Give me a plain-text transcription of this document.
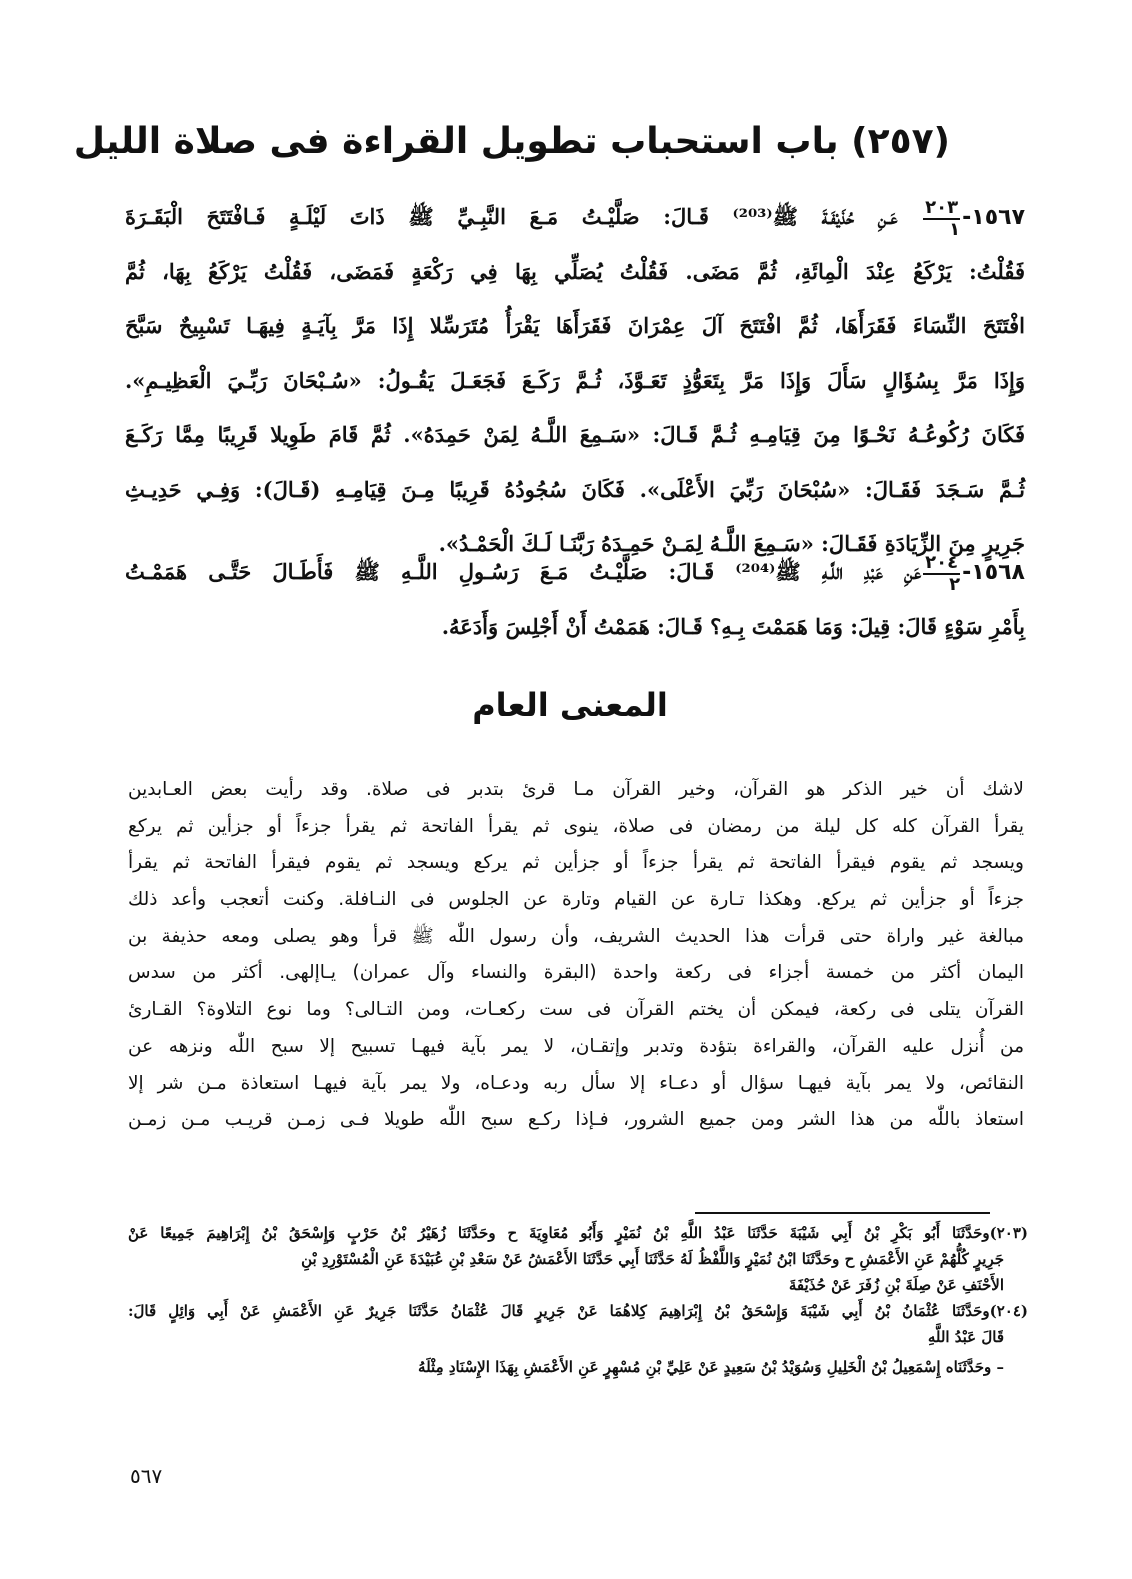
(٢٥٧) باب استحباب تطويل القراءة فى صلاة الليل
١٥٦٧-
$\frac{٢٠٣}{١}$
عَـنِ حُذَيْفَـةَ ﷺ⁽²⁰³⁾ قَـالَ: صَلَّيْـتُ مَـعَ النَّبِـيِّ ﷺ ذَاتَ لَيْلَـةٍ فَـافْتَتَحَ الْبَقَـرَةَ
فَقُلْتُ: يَرْكَعُ عِنْدَ الْمِائَةِ، ثُمَّ مَضَى. فَقُلْتُ يُصَلِّي بِهَا فِي رَكْعَةٍ فَمَضَى، فَقُلْتُ يَرْكَعُ بِهَا، ثُمَّ
افْتَتَحَ النِّسَاءَ فَقَرَأَهَا، ثُمَّ افْتَتَحَ آلَ عِمْرَانَ فَقَرَأَهَا يَقْرَأُ مُتَرَسِّلا إِذَا مَرَّ بِآيَـةٍ فِيهَـا تَسْبِيحٌ سَبَّحَ
وَإِذَا مَرَّ بِسُؤَالٍ سَأَلَ وَإِذَا مَرَّ بِتَعَوُّذٍ تَعَـوَّذَ، ثُـمَّ رَكَـعَ فَجَعَـلَ يَقُـولُ: «سُـبْحَانَ رَبِّـيَ الْعَظِيـمِ».
فَكَانَ رُكُوعُـهُ نَحْـوًا مِنَ قِيَامِـهِ ثُـمَّ قَـالَ: «سَـمِعَ اللَّـهُ لِمَنْ حَمِدَهُ». ثُمَّ قَامَ طَوِيلا قَرِيبًا مِمَّا رَكَـعَ
ثُـمَّ سَـجَدَ فَقَـالَ: «سُبْحَانَ رَبِّيَ الأَعْلَى». فَكَانَ سُجُودُهُ قَرِيبًا مِـنَ قِيَامِـهِ (قَـالَ): وَفِـي حَدِيـثِ
جَرِيرٍ مِنَ الزِّيَادَةِ فَقَـالَ: «سَـمِعَ اللَّـهُ لِمَـنْ حَمِـدَهُ رَبَّنَـا لَـكَ الْحَمْـدُ».
١٥٦٨-
$\frac{٢٠٤}{٢}$
عَنِ عَبْدِ اللَّـهِ ﷺ⁽²⁰⁴⁾ قَـالَ: صَلَّيْـتُ مَـعَ رَسُـولِ اللَّـهِ ﷺ فَأَطَـالَ حَتَّـى هَمَمْـتُ
بِأَمْرِ سَوْءٍ قَالَ: قِيلَ: وَمَا هَمَمْتَ بِـهِ؟ قَـالَ: هَمَمْتُ أَنْ أَجْلِسَ وَأَدَعَهُ.
المعنى العام
لاشك أن خير الذكر هو القرآن، وخير القرآن مـا قرئ بتدبر فى صلاة. وقد رأيت بعض العـابدين
يقرأ القرآن كله كل ليلة من رمضان فى صلاة، ينوى ثم يقرأ الفاتحة ثم يقرأ جزءاً أو جزأين ثم يركع
ويسجد ثم يقوم فيقرأ الفاتحة ثم يقرأ جزءاً أو جزأين ثم يركع ويسجد ثم يقوم فيقرأ الفاتحة ثم يقرأ
جزءاً أو جزأين ثم يركع. وهكذا تـارة عن القيام وتارة عن الجلوس فى النـافلة. وكنت أتعجب وأعد ذلك
مبالغة غير واراة حتى قرأت هذا الحديث الشريف، وأن رسول اللّٰه ﷺ قرأ وهو يصلى ومعه حذيفة بن
اليمان أكثر من خمسة أجزاء فى ركعة واحدة (البقرة والنساء وآل عمران) يـاإلهى. أكثر من سدس
القرآن يتلى فى ركعة، فيمكن أن يختم القرآن فى ست ركعـات، ومن التـالى؟ وما نوع التلاوة؟ القـارئ
من أُنزل عليه القرآن، والقراءة بتؤدة وتدبر وإتقـان، لا يمر بآية فيهـا تسبيح إلا سبح اللّٰه ونزهه عن
النقائص، ولا يمر بآية فيهـا سؤال أو دعـاء إلا سأل ربه ودعـاه، ولا يمر بآية فيهـا استعاذة مـن شر إلا
استعاذ باللّٰه من هذا الشر ومن جميع الشرور، فـإذا ركـع سبح اللّٰه طويلا فـى زمـن قريـب مـن زمـن
(٢٠٣)وحَدَّثَنَا أَبُو بَكْرِ بْنُ أَبِي شَيْبَةَ حَدَّثَنَا عَبْدُ اللَّهِ بْنُ نُمَيْرٍ وَأَبُو مُعَاوِيَةَ ح وحَدَّثَنَا زُهَيْرُ بْنُ حَرْبٍ وَإِسْحَقُ بْنُ إِبْرَاهِيمَ جَمِيعًا عَنْ
جَرِيرٍ كُلُّهُمْ عَنِ الأَعْمَشِ ح وحَدَّثَنَا ابْنُ نُمَيْرٍ وَاللَّفْظُ لَهُ حَدَّثَنَا أَبِي حَدَّثَنَا الأَعْمَشُ عَنْ سَعْدِ بْنِ عُبَيْدَةَ عَنِ الْمُسْتَوْرِدِ بْنِ
الأَحْنَفِ عَنْ صِلَةَ بْنِ زُفَرَ عَنْ حُذَيْفَةَ
(٢٠٤)وحَدَّثَنَا عُثْمَانُ بْنُ أَبِي شَيْبَةَ وَإِسْحَقُ بْنُ إِبْرَاهِيمَ كِلاهُمَا عَنْ جَرِيرٍ قَالَ عُثْمَانُ حَدَّثَنَا جَرِيرٌ عَنِ الأَعْمَشِ عَنْ أَبِي وَائِلٍ قَالَ:
قَالَ عَبْدُ اللَّهِ
– وحَدَّثَنَاه إِسْمَعِيلُ بْنُ الْخَلِيلِ وَسُوَيْدُ بْنُ سَعِيدٍ عَنْ عَلِيِّ بْنِ مُسْهِرٍ عَنِ الأَعْمَشِ بِهَذَا الإِسْنَادِ مِثْلَهُ
٥٦٧
